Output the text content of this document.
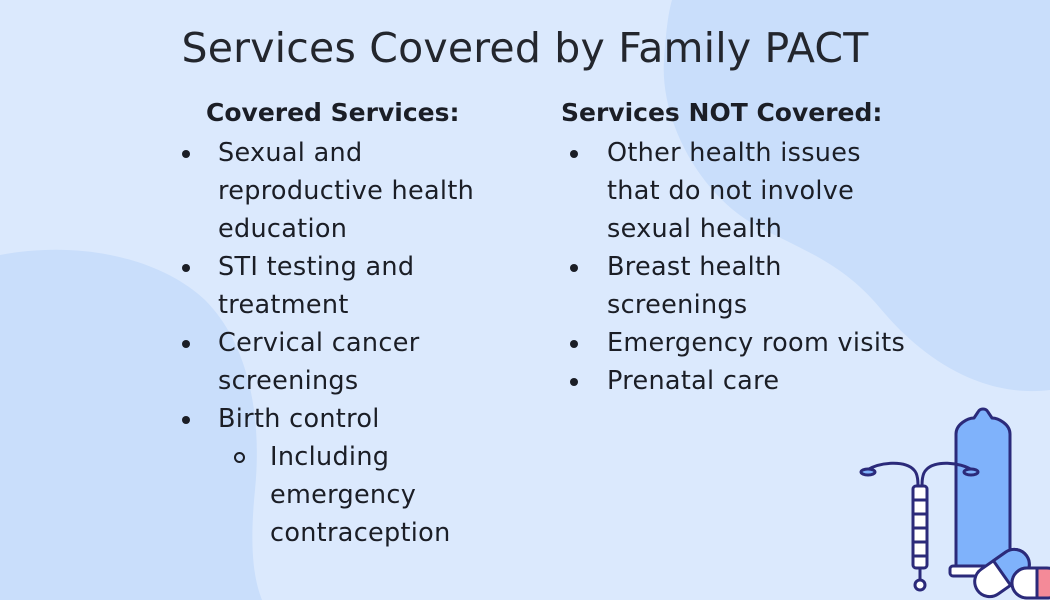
Services Covered by Family PACT
Covered Services:
Sexual and reproductive health education
STI testing and treatment
Cervical cancer screenings
Birth control
Including emergency contraception
Services NOT Covered:
Other health issues that do not involve sexual health
Breast health screenings
Emergency room visits
Prenatal care
